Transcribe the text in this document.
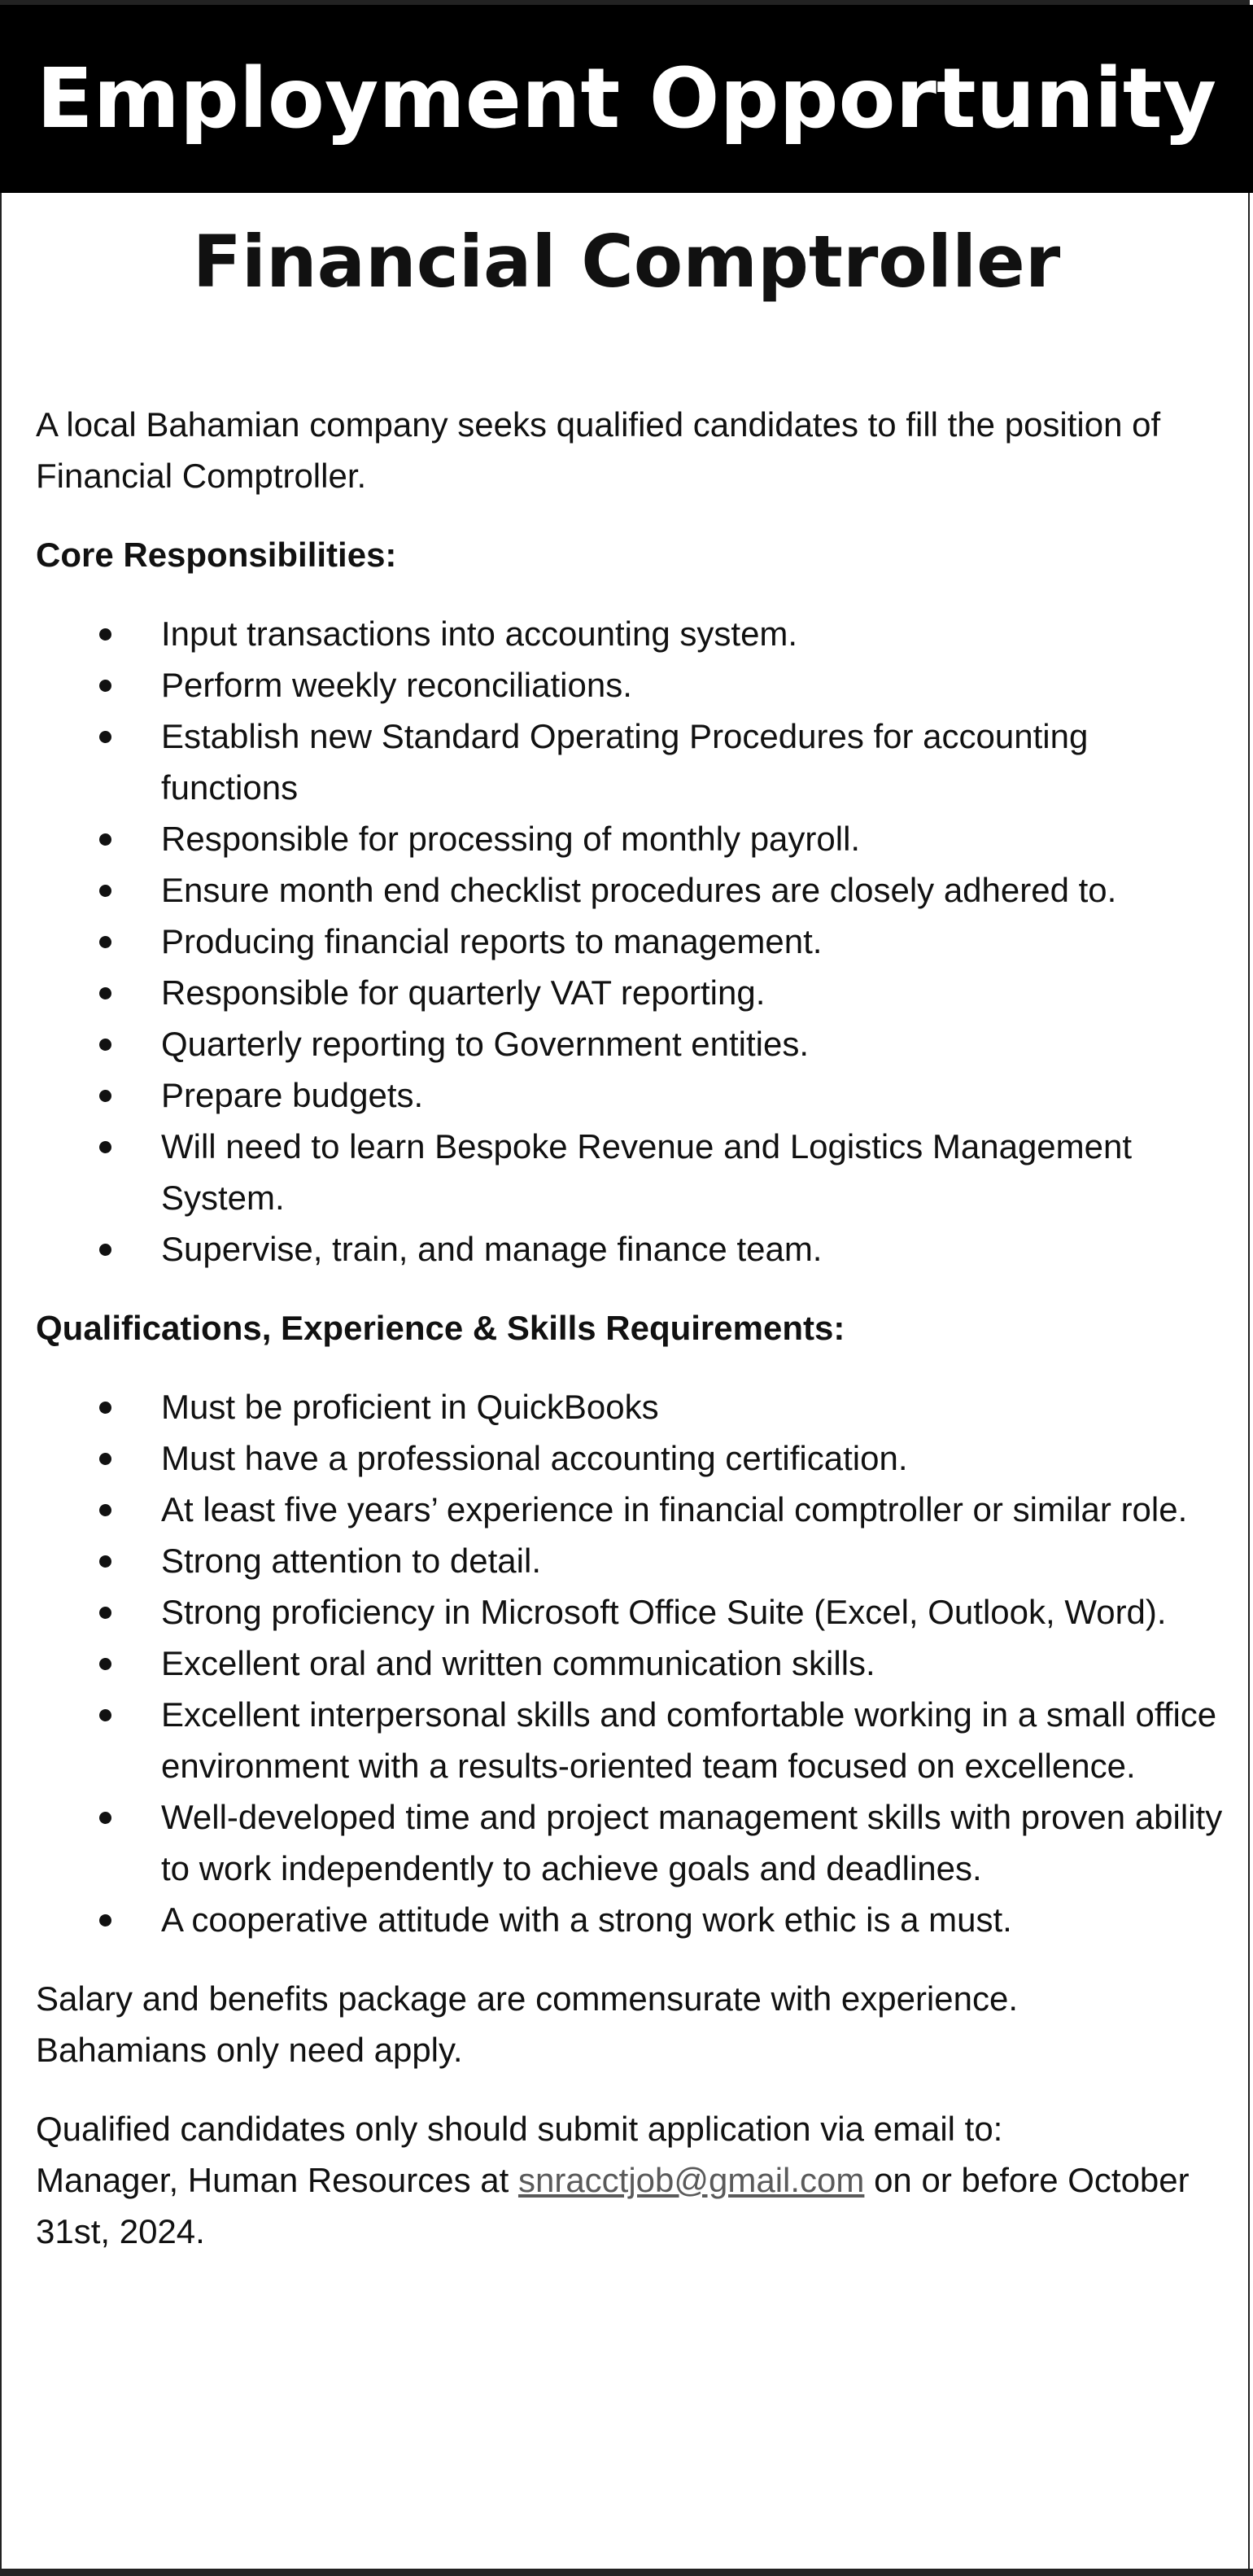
Employment Opportunity
Financial Comptroller

A local Bahamian company seeks qualified candidates to fill the position of Financial Comptroller.

Core Responsibilities:
Input transactions into accounting system.
Perform weekly reconciliations.
Establish new Standard Operating Procedures for accounting functions
Responsible for processing of monthly payroll.
Ensure month end checklist procedures are closely adhered to.
Producing financial reports to management.
Responsible for quarterly VAT reporting.
Quarterly reporting to Government entities.
Prepare budgets.
Will need to learn Bespoke Revenue and Logistics Management System.
Supervise, train, and manage finance team.
Qualifications, Experience & Skills Requirements:
Must be proficient in QuickBooks
Must have a professional accounting certification.
At least five years’ experience in financial comptroller or similar role.
Strong attention to detail.
Strong proficiency in Microsoft Office Suite (Excel, Outlook, Word).
Excellent oral and written communication skills.
Excellent interpersonal skills and comfortable working in a small office environment with a results-oriented team focused on excellence.
Well-developed time and project management skills with proven ability to work independently to achieve goals and deadlines.
A cooperative attitude with a strong work ethic is a must.

Salary and benefits package are commensurate with experience.
Bahamians only need apply.

Qualified candidates only should submit application via email to:
Manager, Human Resources at snracctjob@gmail.com on or before October 31st, 2024.
